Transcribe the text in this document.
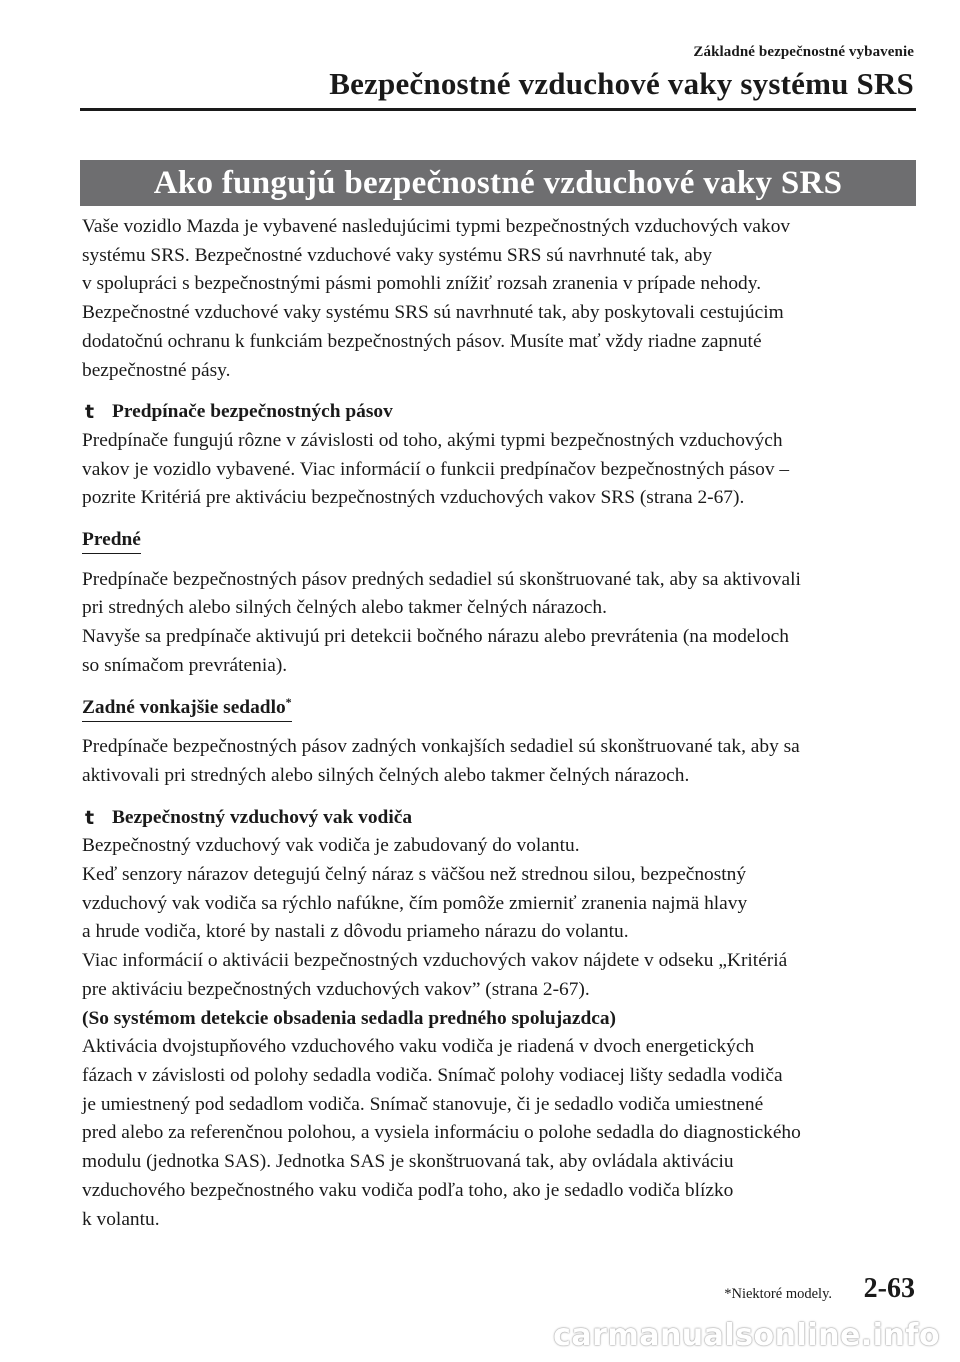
Základné bezpečnostné vybavenie
Bezpečnostné vzduchové vaky systému SRS
Ako fungujú bezpečnostné vzduchové vaky SRS

Vaše vozidlo Mazda je vybavené nasledujúcimi typmi bezpečnostných vzduchových vakov
systému SRS. Bezpečnostné vzduchové vaky systému SRS sú navrhnuté tak, aby
v spolupráci s bezpečnostnými pásmi pomohli znížiť rozsah zranenia v prípade nehody.
Bezpečnostné vzduchové vaky systému SRS sú navrhnuté tak, aby poskytovali cestujúcim
dodatočnú ochranu k funkciám bezpečnostných pásov. Musíte mať vždy riadne zapnuté
bezpečnostné pásy.

t Predpínače bezpečnostných pásov

Predpínače fungujú rôzne v závislosti od toho, akými typmi bezpečnostných vzduchových
vakov je vozidlo vybavené. Viac informácií o funkcii predpínačov bezpečnostných pásov –
pozrite Kritériá pre aktiváciu bezpečnostných vzduchových vakov SRS (strana 2-67).

Predné

Predpínače bezpečnostných pásov predných sedadiel sú skonštruované tak, aby sa aktivovali
pri stredných alebo silných čelných alebo takmer čelných nárazoch.
Navyše sa predpínače aktivujú pri detekcii bočného nárazu alebo prevrátenia (na modeloch
so snímačom prevrátenia).

Zadné vonkajšie sedadlo*

Predpínače bezpečnostných pásov zadných vonkajších sedadiel sú skonštruované tak, aby sa
aktivovali pri stredných alebo silných čelných alebo takmer čelných nárazoch.

t Bezpečnostný vzduchový vak vodiča

Bezpečnostný vzduchový vak vodiča je zabudovaný do volantu.
Keď senzory nárazov detegujú čelný náraz s väčšou než strednou silou, bezpečnostný
vzduchový vak vodiča sa rýchlo nafúkne, čím pomôže zmierniť zranenia najmä hlavy
a hrude vodiča, ktoré by nastali z dôvodu priameho nárazu do volantu.
Viac informácií o aktivácii bezpečnostných vzduchových vakov nájdete v odseku „Kritériá
pre aktiváciu bezpečnostných vzduchových vakov” (strana 2-67).
(So systémom detekcie obsadenia sedadla predného spolujazdca)
Aktivácia dvojstupňového vzduchového vaku vodiča je riadená v dvoch energetických
fázach v závislosti od polohy sedadla vodiča. Snímač polohy vodiacej lišty sedadla vodiča
je umiestnený pod sedadlom vodiča. Snímač stanovuje, či je sedadlo vodiča umiestnené
pred alebo za referenčnou polohou, a vysiela informáciu o polohe sedadla do diagnostického
modulu (jednotka SAS). Jednotka SAS je skonštruovaná tak, aby ovládala aktiváciu
vzduchového bezpečnostného vaku vodiča podľa toho, ako je sedadlo vodiča blízko
k volantu.

*Niektoré modely. 2-63
carmanualsonline.info
